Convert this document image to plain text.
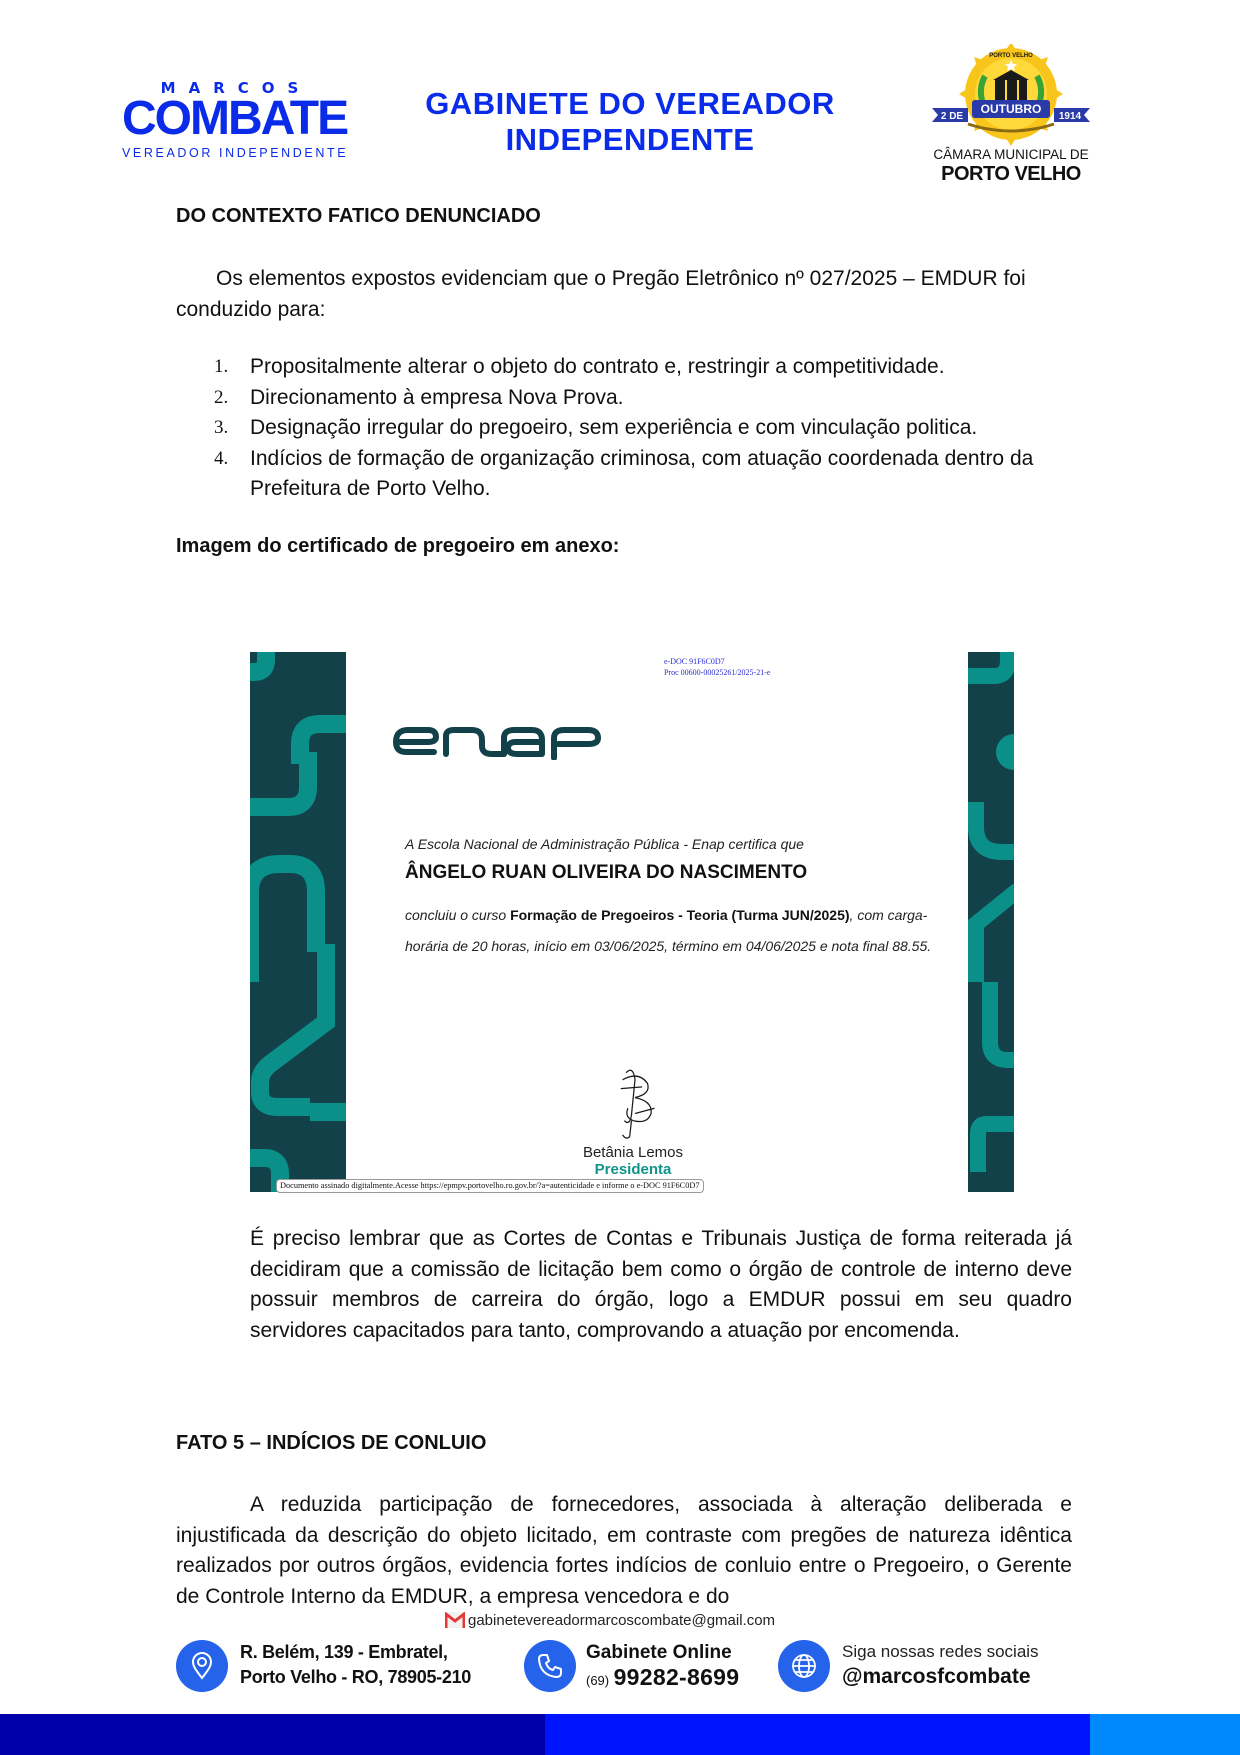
MARCOS
COMBATE
VEREADOR INDEPENDENTE
GABINETE DO VEREADOR
INDEPENDENTE
PORTO VELHO
2 DE
OUTUBRO
1914
CÂMARA MUNICIPAL DE
PORTO VELHO
DO CONTEXTO FATICO DENUNCIADO
Os elementos expostos evidenciam que o Pregão Eletrônico nº 027/2025 – EMDUR foi conduzido para:
1. Propositalmente alterar o objeto do contrato e, restringir a competitividade.
2. Direcionamento à empresa Nova Prova.
3. Designação irregular do pregoeiro, sem experiência e com vinculação politica.
4. Indícios de formação de organização criminosa, com atuação coordenada dentro da Prefeitura de Porto Velho.
Imagem do certificado de pregoeiro em anexo:
e-DOC 91F6C0D7
Proc 00600-00025261/2025-21-e
A Escola Nacional de Administração Pública - Enap certifica que
ÂNGELO RUAN OLIVEIRA DO NASCIMENTO
concluiu o curso Formação de Pregoeiros - Teoria (Turma JUN/2025), com carga-horária de 20 horas, início em 03/06/2025, término em 04/06/2025 e nota final 88.55.
Betânia Lemos
Presidenta
Documento assinado digitalmente.Acesse https://epmpv.portovelho.ro.gov.br/?a=autenticidade e informe o e-DOC 91F6C0D7
É preciso lembrar que as Cortes de Contas e Tribunais Justiça de forma reiterada já decidiram que a comissão de licitação bem como o órgão de controle de interno deve possuir membros de carreira do órgão, logo a EMDUR possui em seu quadro servidores capacitados para tanto, comprovando a atuação por encomenda.
FATO 5 – INDÍCIOS DE CONLUIO
A reduzida participação de fornecedores, associada à alteração deliberada e injustificada da descrição do objeto licitado, em contraste com pregões de natureza idêntica realizados por outros órgãos, evidencia fortes indícios de conluio entre o Pregoeiro, o Gerente de Controle Interno da EMDUR, a empresa vencedora e do
gabinetevereadormarcoscombate@gmail.com
R. Belém, 139 - Embratel,
Porto Velho - RO, 78905-210
Gabinete Online
(69) 99282-8699
Siga nossas redes sociais
@marcosfcombate
